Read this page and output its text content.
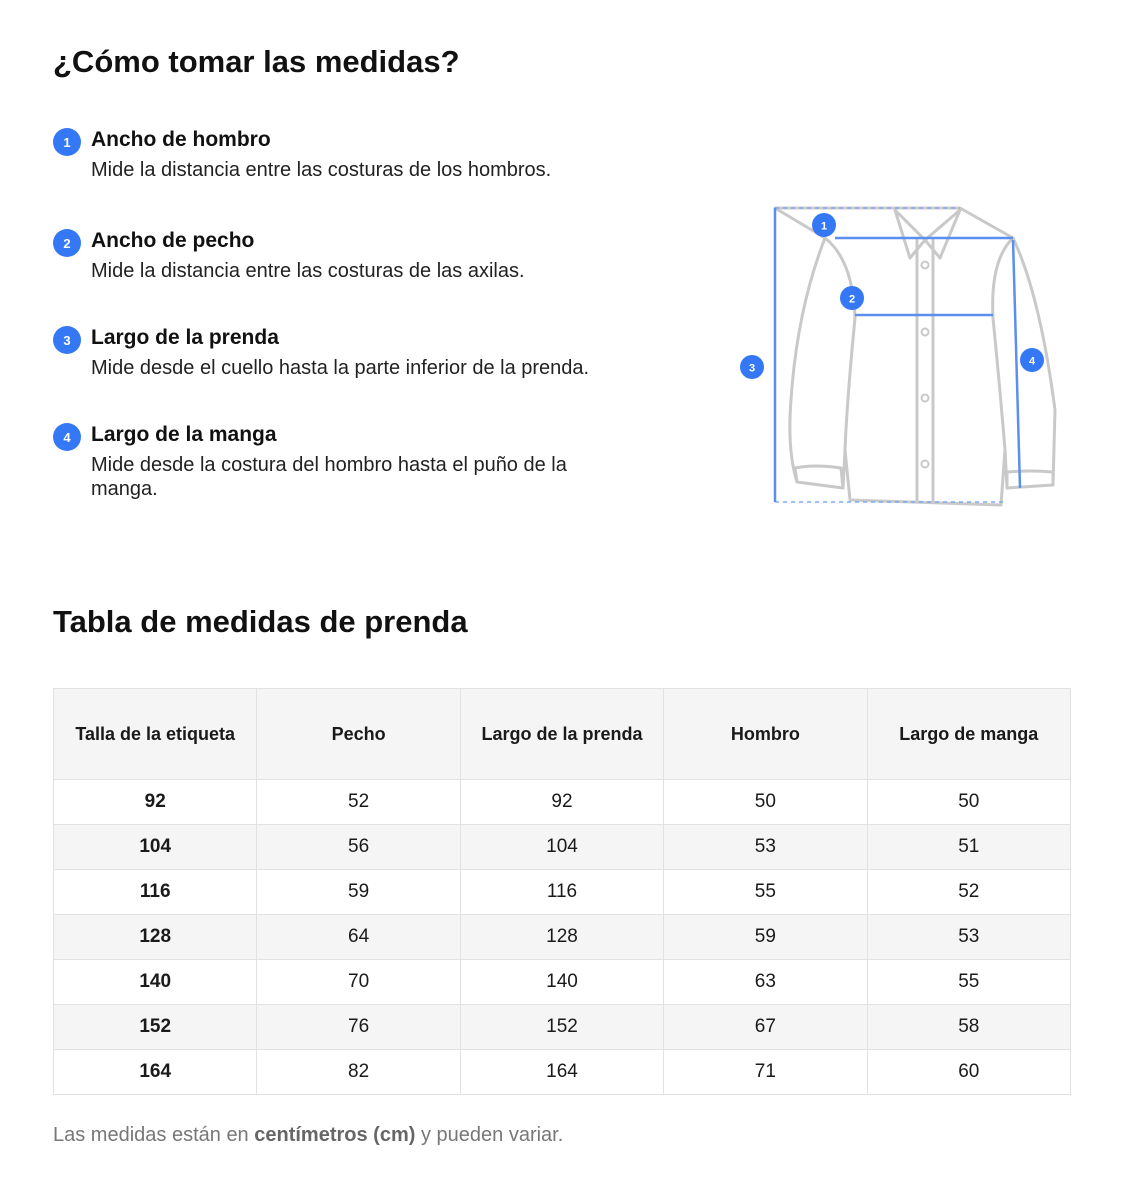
¿Cómo tomar las medidas?
1 Ancho de hombro
Mide la distancia entre las costuras de los hombros.
2 Ancho de pecho
Mide la distancia entre las costuras de las axilas.
3 Largo de la prenda
Mide desde el cuello hasta la parte inferior de la prenda.
4 Largo de la manga
Mide desde la costura del hombro hasta el puño de la manga.
1
2
3
4
Tabla de medidas de prenda
Talla de la etiqueta	Pecho	Largo de la prenda	Hombro	Largo de manga
92	52	92	50	50
104	56	104	53	51
116	59	116	55	52
128	64	128	59	53
140	70	140	63	55
152	76	152	67	58
164	82	164	71	60
Las medidas están en centímetros (cm) y pueden variar.
